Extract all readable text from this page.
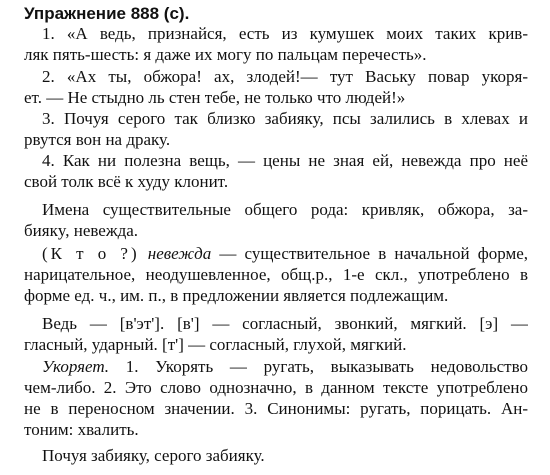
Упражнение 888 (с).
1. «А ведь, признайся, есть из кумушек моих таких крив-
ляк пять-шесть: я даже их могу по пальцам перечесть».
2. «Ах ты, обжора! ах, злодей!— тут Ваську повар укоря-
ет. — Не стыдно ль стен тебе, не только что людей!»
3. Почуя серого так близко забияку, псы залились в хлевах и
рвутся вон на драку.
4. Как ни полезна вещь, — цены не зная ей, невежда про неё
свой толк всё к худу клонит.
Имена существительные общего рода: кривляк, обжора, за-
биякy, невежда.
(К т о ?) невежда — существительное в начальной форме,
нарицательное, неодушевленное, общ.р., 1-е скл., употреблено в
форме ед. ч., им. п., в предложении является подлежащим.
Ведь — [в'эт']. [в'] — согласный, звонкий, мягкий. [э] —
гласный, ударный. [т'] — согласный, глухой, мягкий.
Укоряет. 1. Укорять — ругать, выказывать недовольство
чем-либо. 2. Это слово однозначно, в данном тексте употреблено
не в переносном значении. 3. Синонимы: ругать, порицать. Ан-
тоним: хвалить.
Почуя забияку, серого забияку.
